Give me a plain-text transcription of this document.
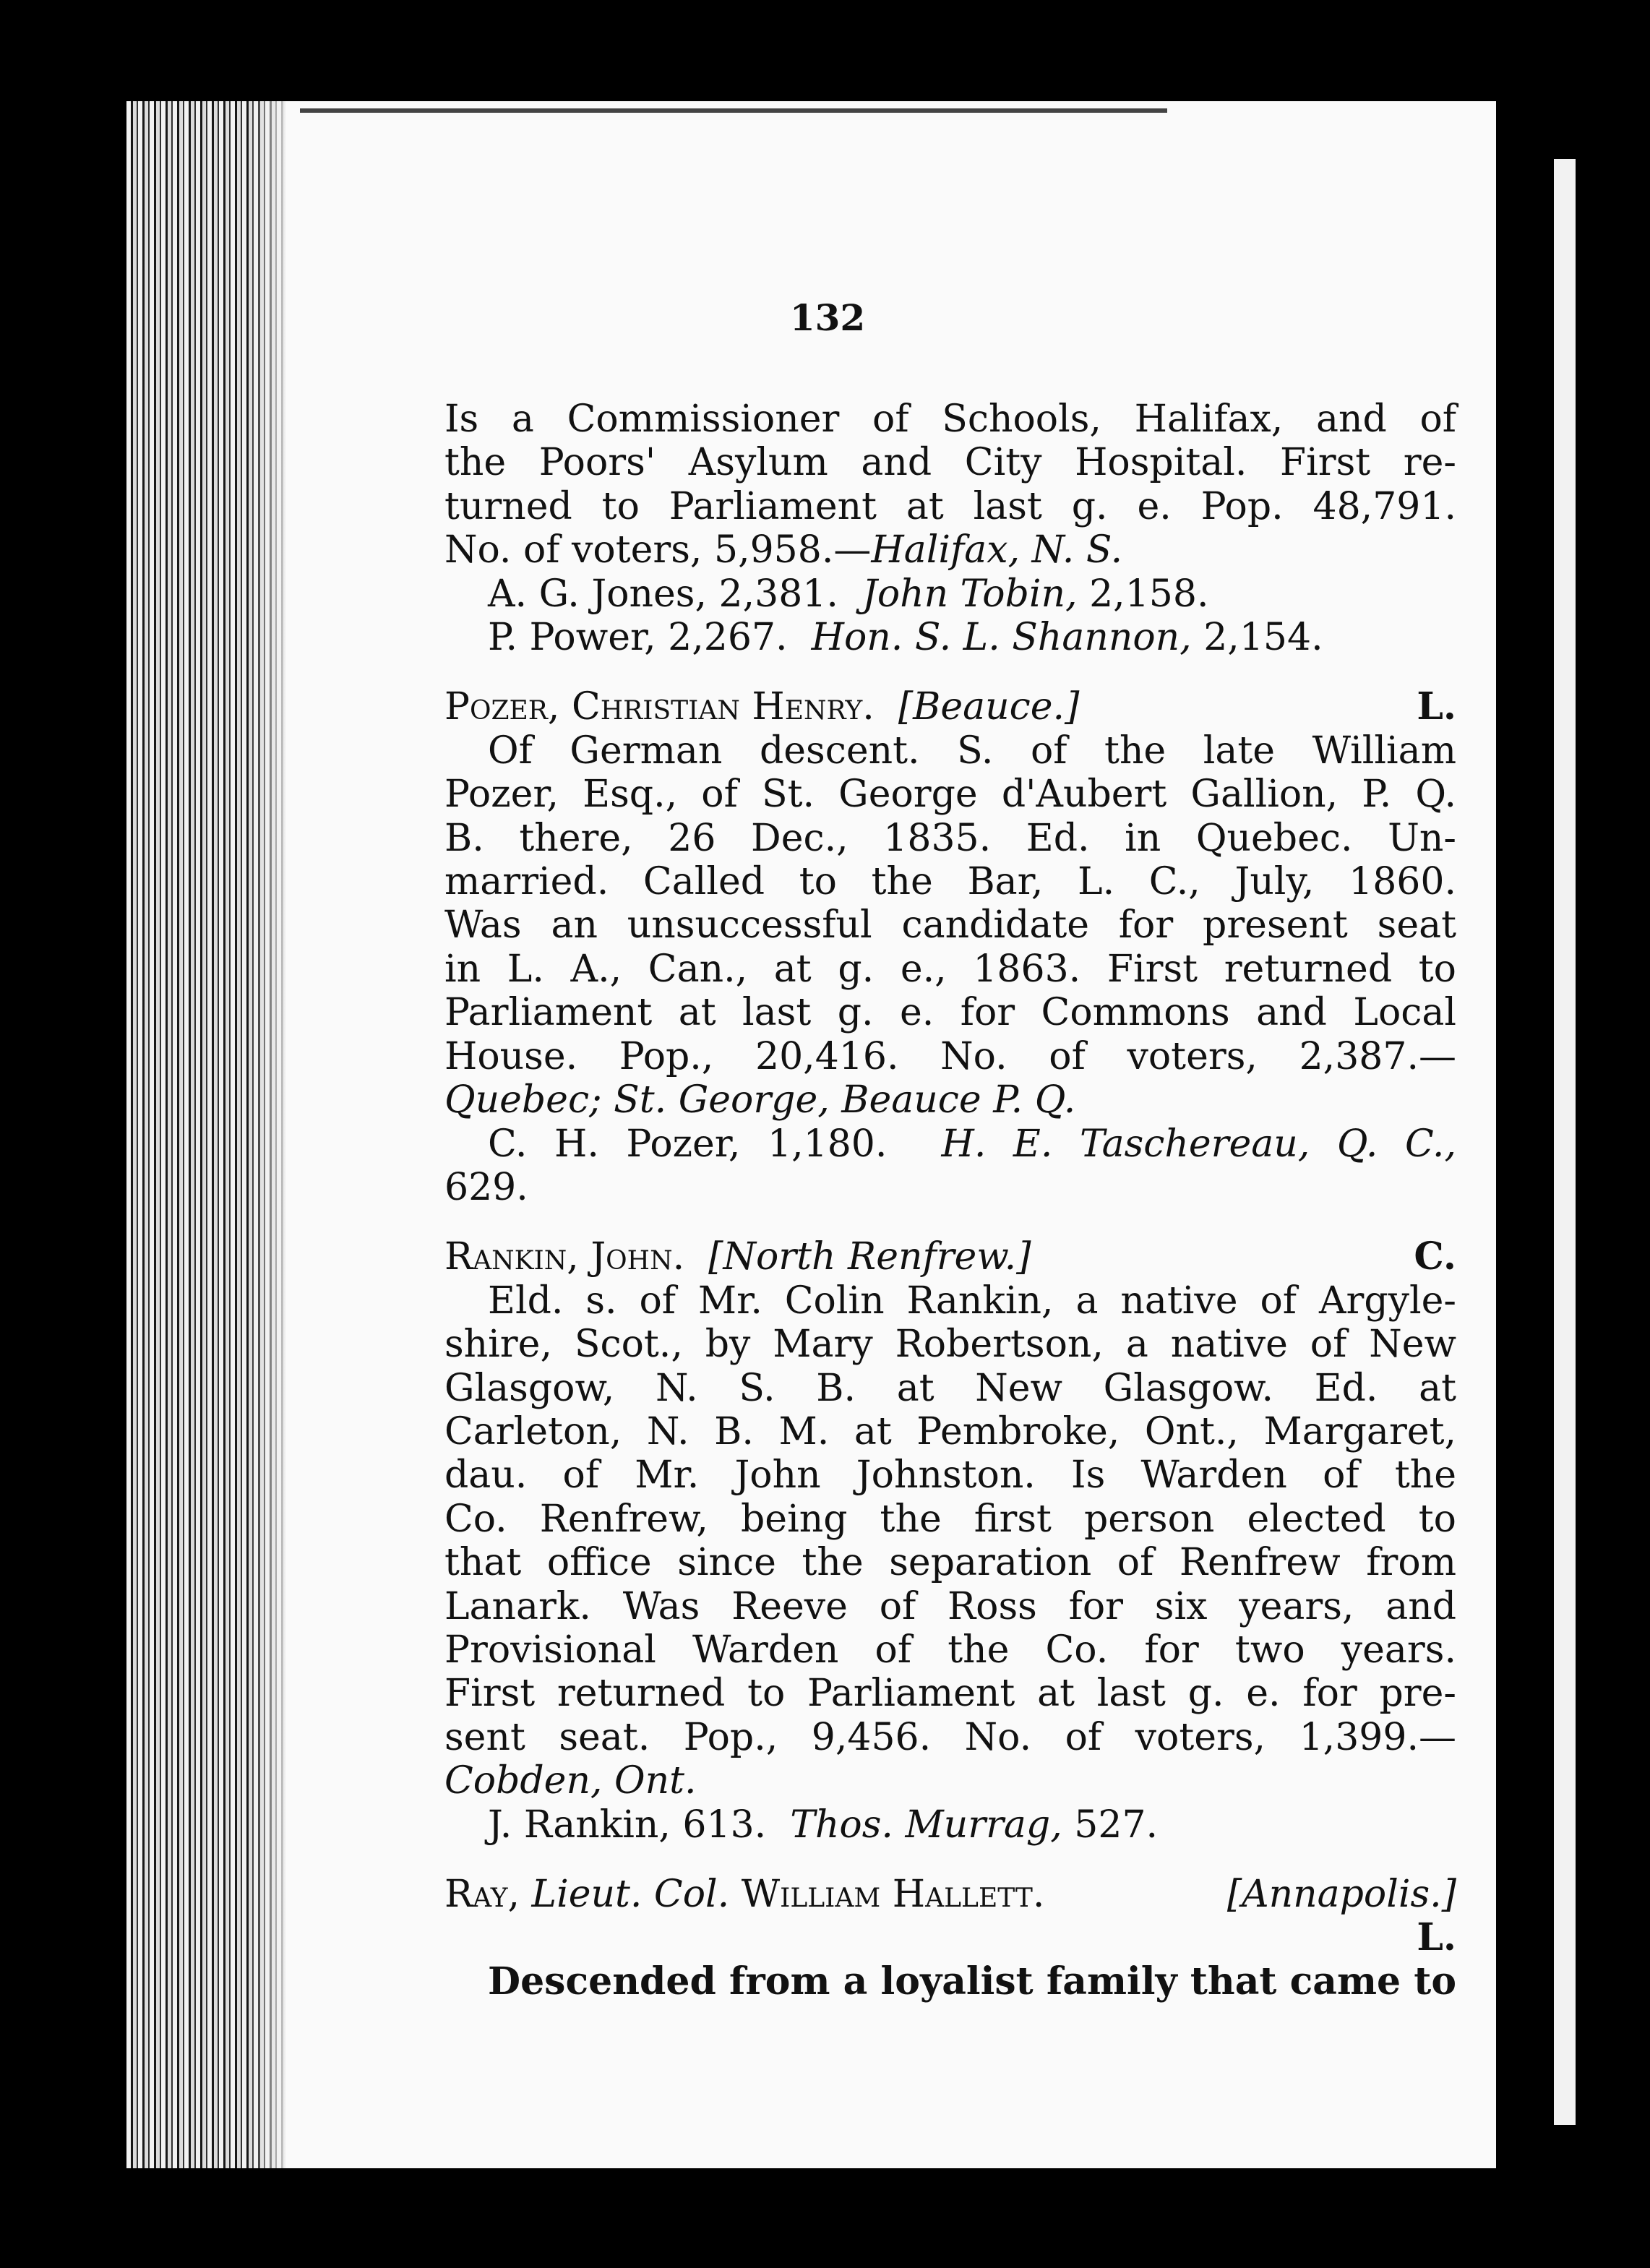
132

Is a Commissioner of Schools, Halifax, and of

the Poors' Asylum and City Hospital. First re-

turned to Parliament at last g. e. Pop. 48,791.

No. of voters, 5,958.—Halifax, N. S.

A. G. Jones, 2,381. John Tobin, 2,158.

P. Power, 2,267. Hon. S. L. Shannon, 2,154.

Pozer, Christian Henry. [Beauce.]	L.

Of German descent. S. of the late William

Pozer, Esq., of St. George d'Aubert Gallion, P. Q.

B. there, 26 Dec., 1835. Ed. in Quebec. Un-

married. Called to the Bar, L. C., July, 1860.

Was an unsuccessful candidate for present seat

in L. A., Can., at g. e., 1863. First returned to

Parliament at last g. e. for Commons and Local

House. Pop., 20,416. No. of voters, 2,387.—

Quebec; St. George, Beauce P. Q.

C. H. Pozer, 1,180. H. E. Taschereau, Q. C.,

629.

Rankin, John. [North Renfrew.]	C.

Eld. s. of Mr. Colin Rankin, a native of Argyle-

shire, Scot., by Mary Robertson, a native of New

Glasgow, N. S. B. at New Glasgow. Ed. at

Carleton, N. B. M. at Pembroke, Ont., Margaret,

dau. of Mr. John Johnston. Is Warden of the

Co. Renfrew, being the first person elected to

that office since the separation of Renfrew from

Lanark. Was Reeve of Ross for six years, and

Provisional Warden of the Co. for two years.

First returned to Parliament at last g. e. for pre-

sent seat. Pop., 9,456. No. of voters, 1,399.—

Cobden, Ont.

J. Rankin, 613. Thos. Murrag, 527.

Ray, Lieut. Col. William Hallett.	[Annapolis.]
L.

Descended from a loyalist family that came to
